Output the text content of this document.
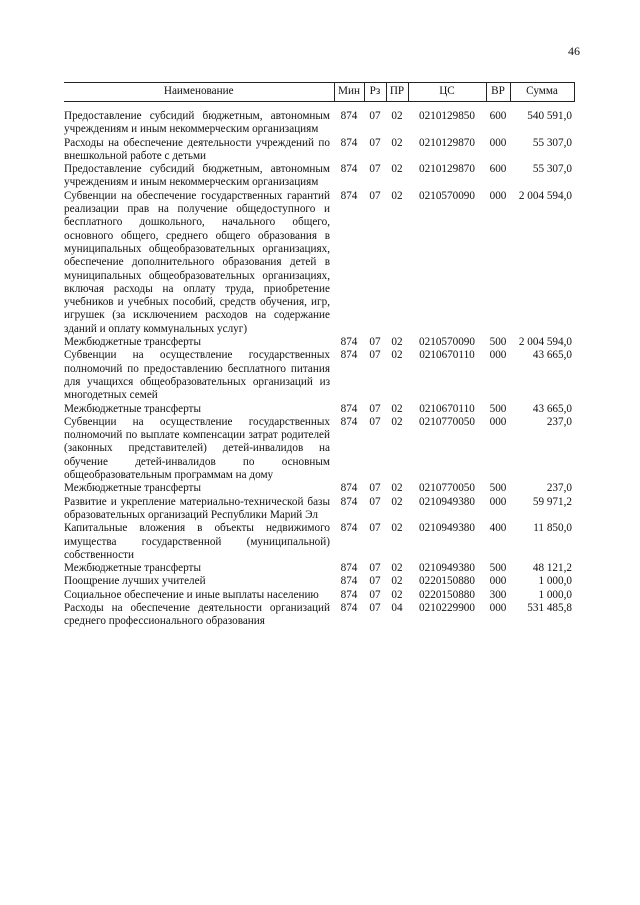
46
Наименование	Мин	Рз	ПР	ЦС	ВР	Сумма

Предоставление субсидий бюджетным, автономным учреждениям и иным некоммерческим организациям	874	07	02	0210129850	600	540 591,0
Расходы на обеспечение деятельности учреждений по внешкольной работе с детьми	874	07	02	0210129870	000	55 307,0
Предоставление субсидий бюджетным, автономным учреждениям и иным некоммерческим организациям	874	07	02	0210129870	600	55 307,0
Субвенции на обеспечение государственных гарантий реализации прав на получение общедоступного и бесплатного дошкольного, начального общего, основного общего, среднего общего образования в муниципальных общеобразовательных организациях, обеспечение дополнительного образования детей в муниципальных общеобразовательных организациях, включая расходы на оплату труда, приобретение учебников и учебных пособий, средств обучения, игр, игрушек (за исключением расходов на содержание зданий и оплату коммунальных услуг)	874	07	02	0210570090	000	2 004 594,0
Межбюджетные трансферты	874	07	02	0210570090	500	2 004 594,0
Субвенции на осуществление государственных полномочий по предоставлению бесплатного питания для учащихся общеобразовательных организаций из многодетных семей	874	07	02	0210670110	000	43 665,0
Межбюджетные трансферты	874	07	02	0210670110	500	43 665,0
Субвенции на осуществление государственных полномочий по выплате компенсации затрат родителей (законных представителей) детей-инвалидов на обучение детей-инвалидов по основным общеобразовательным программам на дому	874	07	02	0210770050	000	237,0
Межбюджетные трансферты	874	07	02	0210770050	500	237,0
Развитие и укрепление материально-технической базы образовательных организаций Республики Марий Эл	874	07	02	0210949380	000	59 971,2
Капитальные вложения в объекты недвижимого имущества государственной (муниципальной) собственности	874	07	02	0210949380	400	11 850,0
Межбюджетные трансферты	874	07	02	0210949380	500	48 121,2
Поощрение лучших учителей	874	07	02	0220150880	000	1 000,0
Социальное обеспечение и иные выплаты населению	874	07	02	0220150880	300	1 000,0
Расходы на обеспечение деятельности организаций среднего профессионального образования	874	07	04	0210229900	000	531 485,8
